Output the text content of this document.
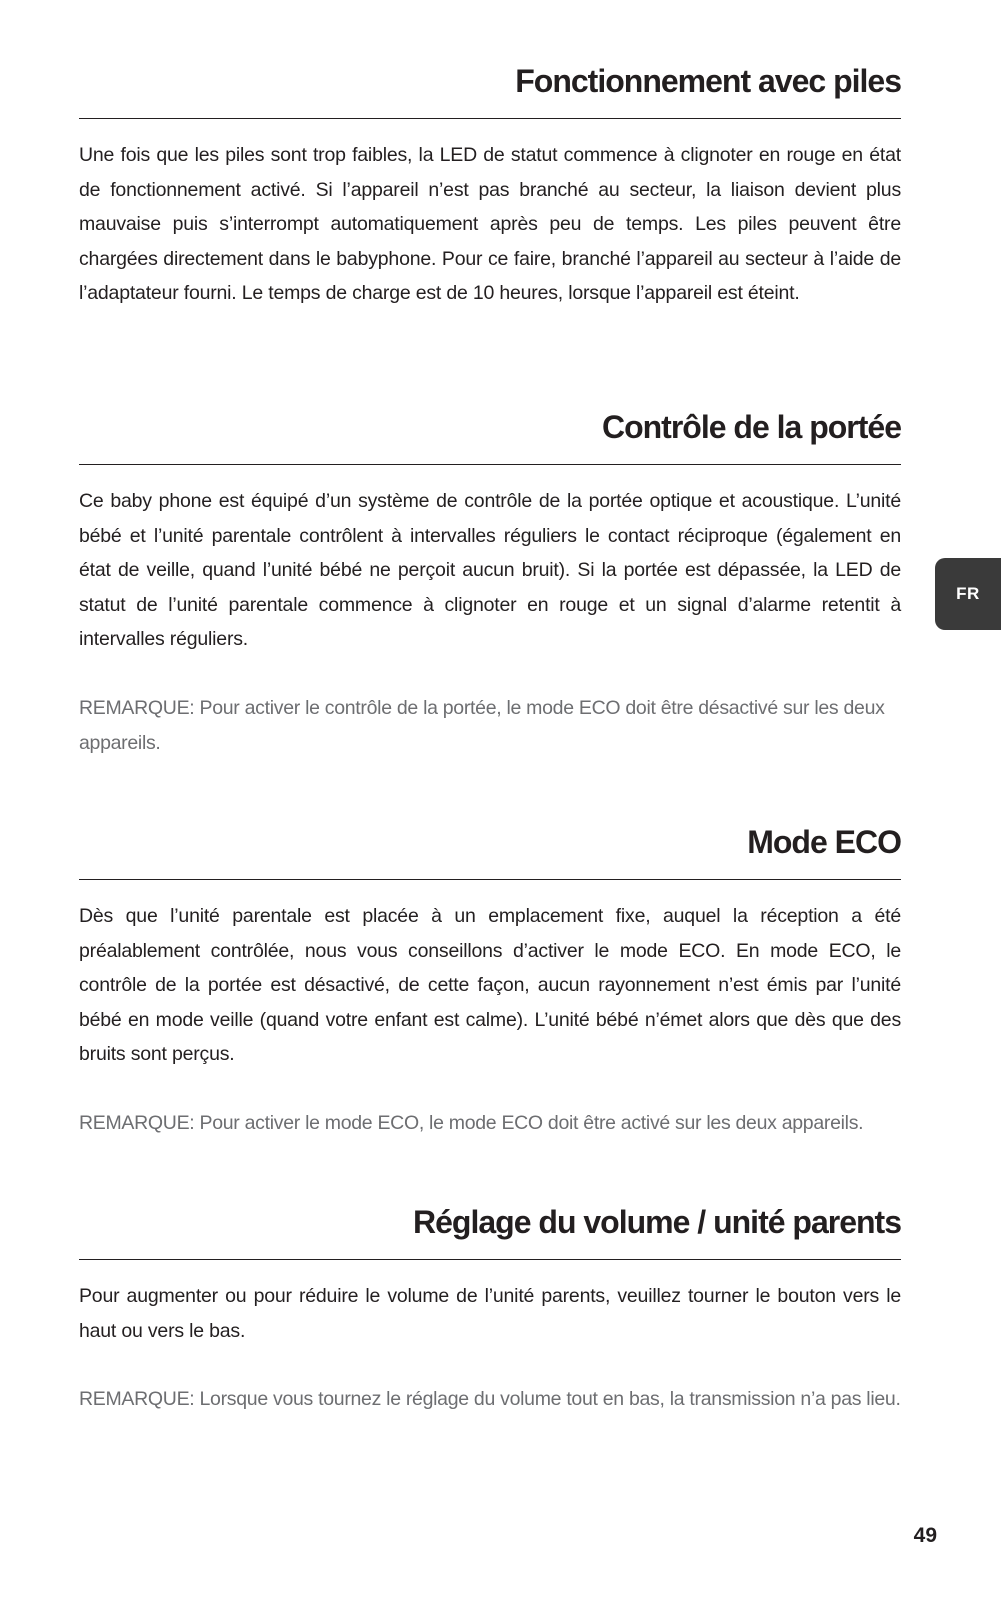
Fonctionnement avec piles

Une fois que les piles sont trop faibles, la LED de statut commence à clignoter en rouge en état de fonctionnement activé. Si l’appareil n’est pas branché au secteur, la liaison devient plus mauvaise puis s’interrompt automatiquement après peu de temps. Les piles peuvent être chargées directement dans le babyphone. Pour ce faire, branché l’appareil au secteur à l’aide de l’adaptateur fourni. Le temps de charge est de 10 heures, lorsque l’appareil est éteint.

Contrôle de la portée

Ce baby phone est équipé d’un système de contrôle de la portée optique et acoustique. L’unité bébé et l’unité parentale contrôlent à intervalles réguliers le contact réciproque (également en état de veille, quand l’unité bébé ne perçoit aucun bruit). Si la portée est dépassée, la LED de statut de l’unité parentale commence à clignoter en rouge et un signal d’alarme retentit à intervalles réguliers.

REMARQUE: Pour activer le contrôle de la portée, le mode ECO doit être désactivé sur les deux appareils.

Mode ECO

Dès que l’unité parentale est placée à un emplacement fixe, auquel la réception a été préalablement contrôlée, nous vous conseillons d’activer le mode ECO. En mode ECO, le contrôle de la portée est désactivé, de cette façon, aucun rayonnement n’est émis par l’unité bébé en mode veille (quand votre enfant est calme). L’unité bébé n’émet alors que dès que des bruits sont perçus.

REMARQUE: Pour activer le mode ECO, le mode ECO doit être activé sur les deux appareils.

Réglage du volume / unité parents

Pour augmenter ou pour réduire le volume de l’unité parents, veuillez tourner le bouton vers le haut ou vers le bas.

REMARQUE: Lorsque vous tournez le réglage du volume tout en bas, la transmission n’a pas lieu.

FR
49
